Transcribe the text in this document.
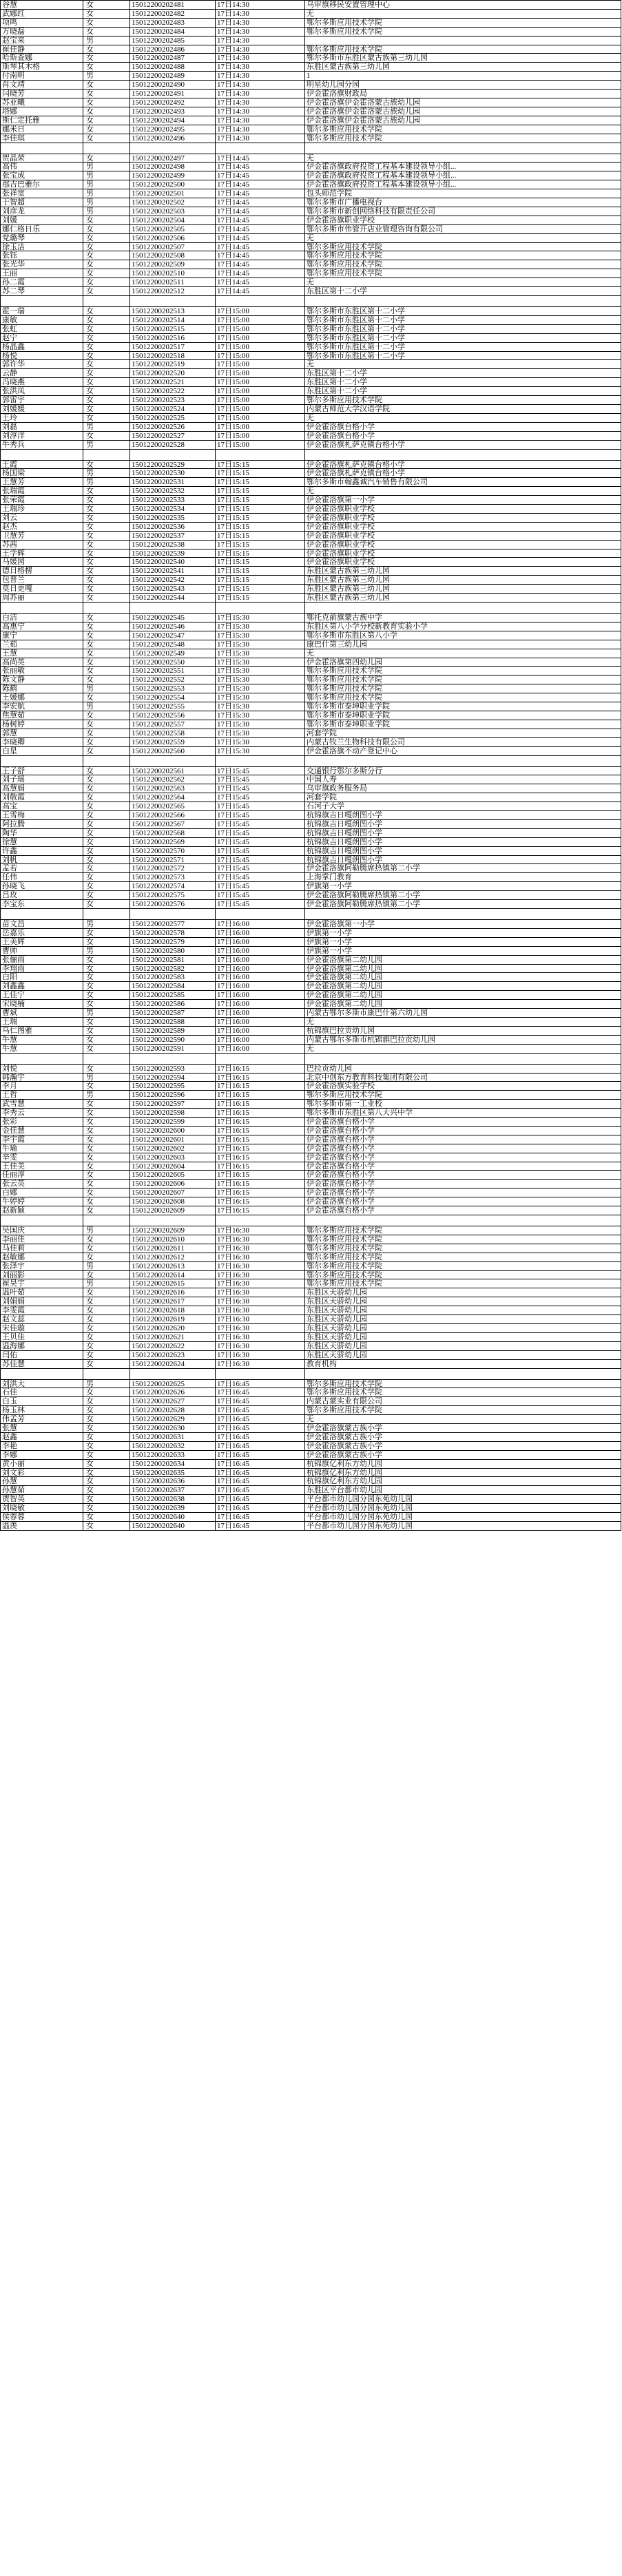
谷慧	女	15012200202481	17日14:30	乌审旗移民安置管理中心
武娜红	女	15012200202482	17日14:30	无
项鸣	女	15012200202483	17日14:30	鄂尔多斯应用技术学院
万晓磊	女	15012200202484	17日14:30	鄂尔多斯应用技术学院
赵宝来	男	15012200202485	17日14:30
崔佳静	女	15012200202486	17日14:30	鄂尔多斯应用技术学院
哈斯查娜	女	15012200202487	17日14:30	鄂尔多斯市东胜区蒙古族第三幼儿园
斯琴其木格	女	15012200202488	17日14:30	东胜区蒙古族第三幼儿园
付南明	男	15012200202489	17日14:30	1
肖文靖	女	15012200202490	17日14:30	明星幼儿园分园
闫晓芳	女	15012200202491	17日14:30	伊金霍洛旗财政局
苏亚曦	女	15012200202492	17日14:30	伊金霍洛旗伊金霍洛蒙古族幼儿园
塔娜	女	15012200202493	17日14:30	伊金霍洛旗伊金霍洛蒙古族幼儿园
斯仁定托雅	女	15012200202494	17日14:30	伊金霍洛旗伊金霍洛蒙古族幼儿园
娜米日	女	15012200202495	17日14:30	鄂尔多斯应用技术学院
李佳琪	女	15012200202496	17日14:30	鄂尔多斯应用技术学院
贺晶荣	女	15012200202497	17日14:45	无
高伟	男	15012200202498	17日14:45	伊金霍洛旗政府投资工程基本建设领导小组...
张宝成	男	15012200202499	17日14:45	伊金霍洛旗政府投资工程基本建设领导小组...
那吉巴雅尔	男	15012200202500	17日14:45	伊金霍洛旗政府投资工程基本建设领导小组...
张祥宽	男	15012200202501	17日14:45	包头师范学院
于智超	男	15012200202502	17日14:45	鄂尔多斯市广播电视台
刘彦龙	男	15012200202503	17日14:45	鄂尔多斯市新创网络科技有限责任公司
刘媛	女	15012200202504	17日14:45	伊金霍洛旗职业学校
娜仁格日乐	女	15012200202505	17日14:45	鄂尔多斯市伟管开店业管理咨询有限公司
党璐琴	女	15012200202506	17日14:45	无
徐玉洁	女	15012200202507	17日14:45	鄂尔多斯应用技术学院
张钰	女	15012200202508	17日14:45	鄂尔多斯应用技术学院
张光华	女	15012200202509	17日14:45	鄂尔多斯应用技术学院
王丽	女	15012200202510	17日14:45	鄂尔多斯应用技术学院
孙二霞	女	15012200202511	17日14:45	无
苏二琴	女	15012200202512	17日14:45	东胜区第十二小学
霍一瑞	女	15012200202513	17日15:00	鄂尔多斯市东胜区第十二小学
康敏	女	15012200202514	17日15:00	鄂尔多斯市东胜区第十二小学
张虹	女	15012200202515	17日15:00	鄂尔多斯市东胜区第十二小学
赵宁	女	15012200202516	17日15:00	鄂尔多斯市东胜区第十二小学
杨晶鑫	女	15012200202517	17日15:00	鄂尔多斯市东胜区第十二小学
杨悦	女	15012200202518	17日15:00	鄂尔多斯市东胜区第十二小学
郭许华	女	15012200202519	17日15:00	无
云静	女	15012200202520	17日15:00	东胜区第十二小学
冯晓燕	女	15012200202521	17日15:00	东胜区第十二小学
张洪凤	女	15012200202522	17日15:00	东胜区第十二小学
郭雷宇	女	15012200202523	17日15:00	鄂尔多斯应用技术学院
刘媛媛	女	15012200202524	17日15:00	内蒙古师范大学汉语学院
王玲	女	15012200202525	17日15:00	无
刘磊	男	15012200202526	17日15:00	伊金霍洛旗台格小学
刘淳洋	女	15012200202527	17日15:00	伊金霍洛旗台格小学
牛秀兵	男	15012200202528	17日15:00	伊金霍洛旗札萨克镇台格小学
王霞	女	15012200202529	17日15:15	伊金霍洛旗札萨克镇台格小学
杨国梁	男	15012200202530	17日15:15	伊金霍洛旗札萨克镇台格小学
王慧芳	男	15012200202531	17日15:15	鄂尔多斯市翰鑫诚汽车销售有限公司
张瑞霞	女	15012200202532	17日15:15	无
张荣霞	女	15012200202533	17日15:15	伊金霍洛旗第一小学
王瑞珍	女	15012200202534	17日15:15	伊金霍洛旗职业学校
刘云	女	15012200202535	17日15:15	伊金霍洛旗职业学校
赵杰	女	15012200202536	17日15:15	伊金霍洛旗职业学校
卫慧芳	女	15012200202537	17日15:15	伊金霍洛旗职业学校
苏茜	女	15012200202538	17日15:15	伊金霍洛旗职业学校
王学辉	女	15012200202539	17日15:15	伊金霍洛旗职业学校
马媛园	女	15012200202540	17日15:15	伊金霍洛旗职业学校
德日格楞	女	15012200202541	17日15:15	东胜区蒙古族第三幼儿园
包普兰	女	15012200202542	17日15:15	东胜区蒙古族第三幼儿园
莫日更嘎	女	15012200202543	17日15:15	东胜区蒙古族第三幼儿园
周苏丽	女	15012200202544	17日15:15	东胜区蒙古族第三幼儿园
白洁	女	15012200202545	17日15:30	鄂托克前旗蒙古族中学
高惠宁	女	15012200202546	17日15:30	东胜区第八小学分校新教育实验小学
康宁	女	15012200202547	17日15:30	鄂尔多斯市东胜区第八小学
兰茹	女	15012200202548	17日15:30	康巴什第三幼儿园
王慧	女	15012200202549	17日15:30	无
高尚英	女	15012200202550	17日15:30	伊金霍洛旗第四幼儿园
张丽敏	女	15012200202551	17日15:30	鄂尔多斯应用技术学院
陈文静	女	15012200202552	17日15:30	鄂尔多斯应用技术学院
陈鹤	男	15012200202553	17日15:30	鄂尔多斯应用技术学院
王媛娜	女	15012200202554	17日15:30	鄂尔多斯应用技术学院
李宏航	男	15012200202555	17日15:30	鄂尔多斯市泰坤职业学院
焦慧茹	女	15012200202556	17日15:30	鄂尔多斯市泰坤职业学院
杨树婷	女	15012200202557	17日15:30	鄂尔多斯市泰坤职业学院
郭慧	女	15012200202558	17日15:30	河套学院
李晓卿	女	15012200202559	17日15:30	内蒙古牧兰生物科技有限公司
白星	女	15012200202560	17日15:30	伊金霍洛旗不动产登记中心
王子舒	女	15012200202561	17日15:45	交通银行鄂尔多斯分行
刘子瑶	女	15012200202562	17日15:45	中国人寿
高慧娟	女	15012200202563	17日15:45	乌审旗政务服务局
刘敬霞	女	15012200202564	17日15:45	河套学院
高宝	女	15012200202565	17日15:45	石河子大学
王雪梅	女	15012200202566	17日15:45	杭锦旗吉日嘎朗图小学
阿拉腾	女	15012200202567	17日15:45	杭锦旗吉日嘎朗图小学
陶华	女	15012200202568	17日15:45	杭锦旗吉日嘎朗图小学
徐慧	女	15012200202569	17日15:45	杭锦旗吉日嘎朗图小学
许鑫	女	15012200202570	17日15:45	杭锦旗吉日嘎朗图小学
刘帆	女	15012200202571	17日15:45	杭锦旗吉日嘎朗图小学
孟若	女	15012200202572	17日15:45	伊金霍洛旗阿勒腾席热镇第二小学
任伟	女	15012200202573	17日15:45	上海掌门教育
孙晓飞	女	15012200202574	17日15:45	伊旗第一小学
吕玫	女	15012200202575	17日15:45	伊金霍洛旗阿勒腾席热镇第二小学
李宝东	女	15012200202576	17日15:45	伊金霍洛旗阿勒腾席热镇第二小学
苗文昌	男	15012200202577	17日16:00	伊金霍洛旗第一小学
岳嘉乐	女	15012200202578	17日16:00	伊旗第一小学
王美辉	女	15012200202579	17日16:00	伊旗第一小学
曹帅	男	15012200202580	17日16:00	伊旗第一小学
张俪雨	女	15012200202581	17日16:00	伊金霍洛旗第二幼儿园
李翔雨	女	15012200202582	17日16:00	伊金霍洛旗第二幼儿园
白阳	女	15012200202583	17日16:00	伊金霍洛旗第二幼儿园
刘鑫鑫	女	15012200202584	17日16:00	伊金霍洛旗第二幼儿园
王佳宁	女	15012200202585	17日16:00	伊金霍洛旗第二幼儿园
宋晓楠	女	15012200202586	17日16:00	伊金霍洛旗第二幼儿园
曹斌	男	15012200202587	17日16:00	内蒙古鄂尔多斯市康巴什第六幼儿园
王瑞	女	15012200202588	17日16:00	无
乌仁图雅	女	15012200202589	17日16:00	杭锦旗巴拉贡幼儿园
牛慧	女	15012200202590	17日16:00	内蒙古鄂尔多斯市杭锦旗巴拉贡幼儿园
牛慧	女	15012200202591	17日16:00	无
刘悦	女	15012200202593	17日16:15	巴拉贡幼儿园
韩瀚宇	男	15012200202594	17日16:15	北京中创东方教育科技集团有限公司
李月	女	15012200202595	17日16:15	伊金霍洛旗实验学校
王哲	男	15012200202596	17日16:15	鄂尔多斯应用技术学院
武雪慧	女	15012200202597	17日16:15	鄂尔多斯市第一工业校
李秀云	女	15012200202598	17日16:15	鄂尔多斯市东胜区第八大兴中学
张彩	女	15012200202599	17日16:15	伊金霍洛旗台格小学
金佳慧	女	15012200202600	17日16:15	伊金霍洛旗台格小学
李宇霞	女	15012200202601	17日16:15	伊金霍洛旗台格小学
牛瑜	女	15012200202602	17日16:15	伊金霍洛旗台格小学
辛雯	女	15012200202603	17日16:15	伊金霍洛旗台格小学
王佳美	女	15012200202604	17日16:15	伊金霍洛旗台格小学
任丽淳	女	15012200202605	17日16:15	伊金霍洛旗台格小学
张云英	女	15012200202606	17日16:15	伊金霍洛旗台格小学
白娜	女	15012200202607	17日16:15	伊金霍洛旗台格小学
牛婷婷	女	15012200202608	17日16:15	伊金霍洛旗台格小学
赵新颖	女	15012200202609	17日16:15	伊金霍洛旗台格小学
吴国庆	男	15012200202609	17日16:30	鄂尔多斯应用技术学院
李丽佳	女	15012200202610	17日16:30	鄂尔多斯应用技术学院
马佳莉	女	15012200202611	17日16:30	鄂尔多斯应用技术学院
赵敏娜	女	15012200202612	17日16:30	鄂尔多斯应用技术学院
张泽宇	男	15012200202613	17日16:30	鄂尔多斯应用技术学院
刘丽影	女	15012200202614	17日16:30	鄂尔多斯应用技术学院
崔昊宇	男	15012200202615	17日16:30	鄂尔多斯应用技术学院
温叶茹	女	15012200202616	17日16:30	东胜区天骄幼儿园
刘娟娟	女	15012200202617	17日16:30	东胜区天骄幼儿园
李雯霞	女	15012200202618	17日16:30	东胜区天骄幼儿园
赵文蕊	女	15012200202619	17日16:30	东胜区天骄幼儿园
宋佳璇	女	15012200202620	17日16:30	东胜区天骄幼儿园
王贝佳	女	15012200202621	17日16:30	东胜区天骄幼儿园
温海娜	女	15012200202622	17日16:30	东胜区天骄幼儿园
闫佑	女	15012200202623	17日16:30	东胜区天骄幼儿园
苏佳慧	女	15012200202624	17日16:30	教育机构
刘洪大	男	15012200202625	17日16:45	鄂尔多斯应用技术学院
石佳	女	15012200202626	17日16:45	鄂尔多斯应用技术学院
白玉	女	15012200202627	17日16:45	内蒙古蒙实业有限公司
杨玉林	女	15012200202628	17日16:45	鄂尔多斯应用技术学院
伟孟芳	女	15012200202629	17日16:45	无
张慧	女	15012200202630	17日16:45	伊金霍洛旗蒙古族小学
赵鑫	女	15012200202631	17日16:45	伊金霍洛旗蒙古族小学
李艳	女	15012200202632	17日16:45	伊金霍洛旗蒙古族小学
李娜	女	15012200202633	17日16:45	伊金霍洛旗蒙古族小学
黄小丽	女	15012200202634	17日16:45	杭锦旗亿利东方幼儿园
刘文彩	女	15012200202635	17日16:45	杭锦旗亿利东方幼儿园
孙慧	女	15012200202636	17日16:45	杭锦旗亿利东方幼儿园
孙慧茹	女	15012200202637	17日16:45	东胜区平台都市幼儿园
贾智英	女	15012200202638	17日16:45	平台都市幼儿园分园东苑幼儿园
刘晓敏	女	15012200202639	17日16:45	平台都市幼儿园分园东苑幼儿园
侯蓉蓉	女	15012200202640	17日16:45	平台都市幼儿园分园东苑幼儿园
温羡	女	15012200202640	17日16:45	平台都市幼儿园分园东苑幼儿园
